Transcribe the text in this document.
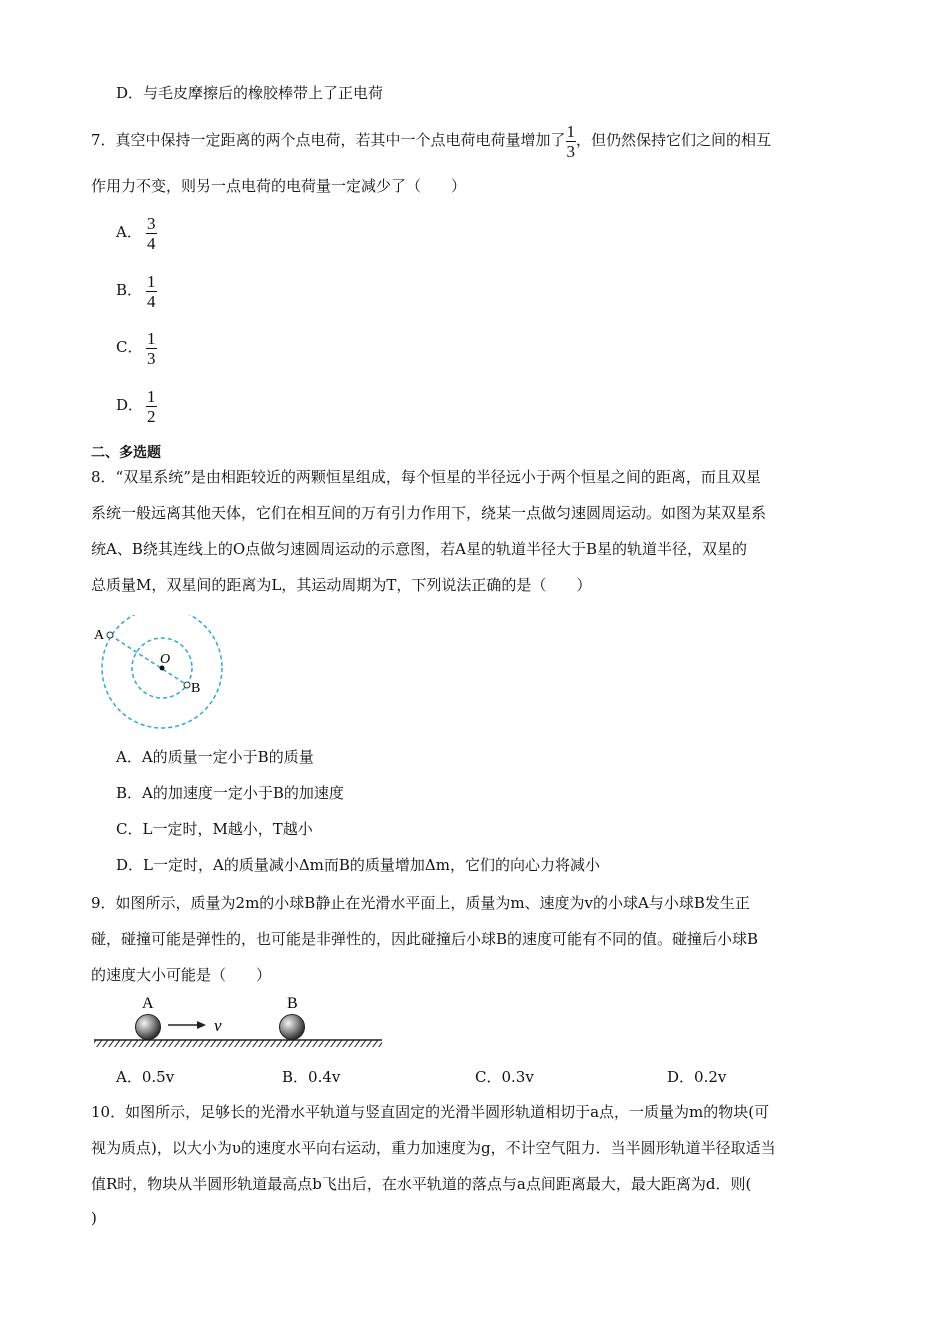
D．与毛皮摩擦后的橡胶棒带上了正电荷
7．真空中保持一定距离的两个点电荷，若其中一个点电荷电荷量增加了 $\frac{1}{3}$ ，但仍然保持它们之间的相互
作用力不变，则另一点电荷的电荷量一定减少了（　　）
A． $\frac{3}{4}$
B． $\frac{1}{4}$
C． $\frac{1}{3}$
D． $\frac{1}{2}$
二、多选题
8．“双星系统”是由相距较近的两颗恒星组成，每个恒星的半径远小于两个恒星之间的距离，而且双星
系统一般远离其他天体，它们在相互间的万有引力作用下，绕某一点做匀速圆周运动。如图为某双星系
统A、B绕其连线上的O点做匀速圆周运动的示意图，若A星的轨道半径大于B星的轨道半径，双星的
总质量M，双星间的距离为L，其运动周期为T，下列说法正确的是（　　）
A
O
B
A．A的质量一定小于B的质量
B．A的加速度一定小于B的加速度
C．L一定时，M越小，T越小
D．L一定时，A的质量减小Δm而B的质量增加Δm，它们的向心力将减小
9．如图所示，质量为2m的小球B静止在光滑水平面上，质量为m、速度为v的小球A与小球B发生正
碰，碰撞可能是弹性的，也可能是非弹性的，因此碰撞后小球B的速度可能有不同的值。碰撞后小球B
的速度大小可能是（　　）
A	B
v
A．0.5v	B．0.4v	C．0.3v	D．0.2v
10．如图所示，足够长的光滑水平轨道与竖直固定的光滑半圆形轨道相切于a点，一质量为m的物块(可
视为质点)，以大小为υ的速度水平向右运动，重力加速度为g，不计空气阻力．当半圆形轨道半径取适当
值R时，物块从半圆形轨道最高点b飞出后，在水平轨道的落点与a点间距离最大，最大距离为d．则(
)
